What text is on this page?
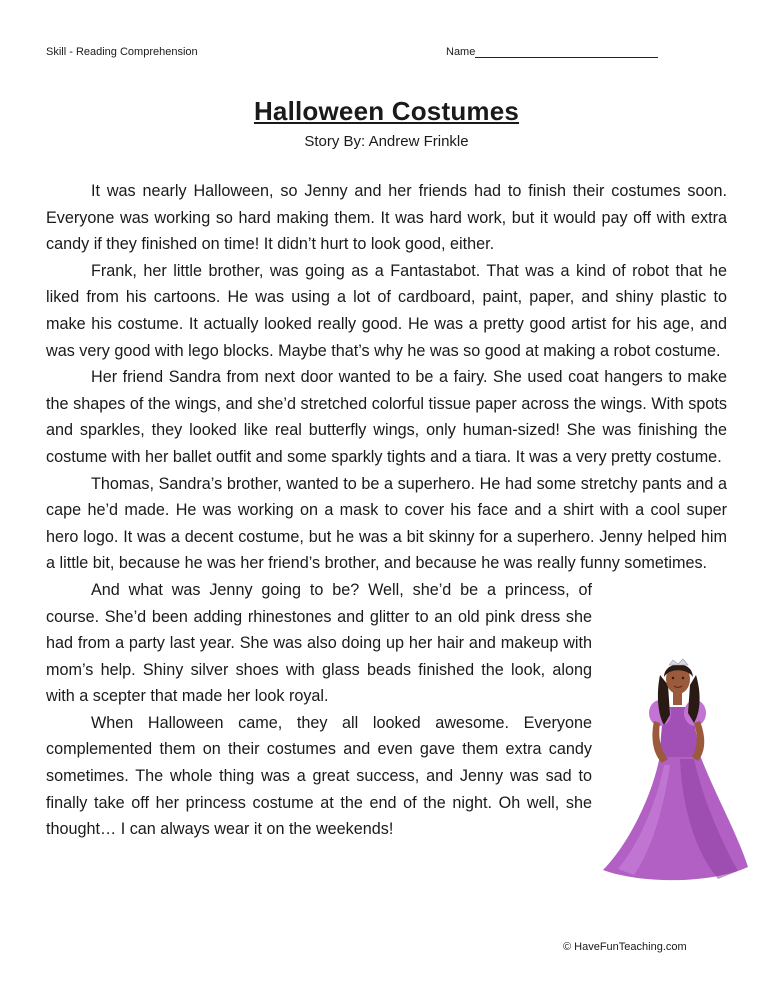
Skill - Reading Comprehension	Name
Halloween Costumes
Story By: Andrew Frinkle

It was nearly Halloween, so Jenny and her friends had to finish their costumes soon. Everyone was working so hard making them. It was hard work, but it would pay off with extra candy if they finished on time! It didn’t hurt to look good, either.

Frank, her little brother, was going as a Fantastabot. That was a kind of robot that he liked from his cartoons. He was using a lot of cardboard, paint, paper, and shiny plastic to make his costume. It actually looked really good. He was a pretty good artist for his age, and was very good with lego blocks. Maybe that’s why he was so good at making a robot costume.

Her friend Sandra from next door wanted to be a fairy. She used coat hangers to make the shapes of the wings, and she’d stretched colorful tissue paper across the wings. With spots and sparkles, they looked like real butterfly wings, only human-sized! She was finishing the costume with her ballet outfit and some sparkly tights and a tiara. It was a very pretty costume.

Thomas, Sandra’s brother, wanted to be a superhero. He had some stretchy pants and a cape he’d made. He was working on a mask to cover his face and a shirt with a cool super hero logo. It was a decent costume, but he was a bit skinny for a superhero. Jenny helped him a little bit, because he was her friend’s brother, and because he was really funny sometimes.

And what was Jenny going to be? Well, she’d be a princess, of course. She’d been adding rhinestones and glitter to an old pink dress she had from a party last year. She was also doing up her hair and makeup with mom’s help. Shiny silver shoes with glass beads finished the look, along with a scepter that made her look royal.

When Halloween came, they all looked awesome. Everyone complemented them on their costumes and even gave them extra candy sometimes. The whole thing was a great success, and Jenny was sad to finally take off her princess costume at the end of the night. Oh well, she thought… I can always wear it on the weekends!

© HaveFunTeaching.com
